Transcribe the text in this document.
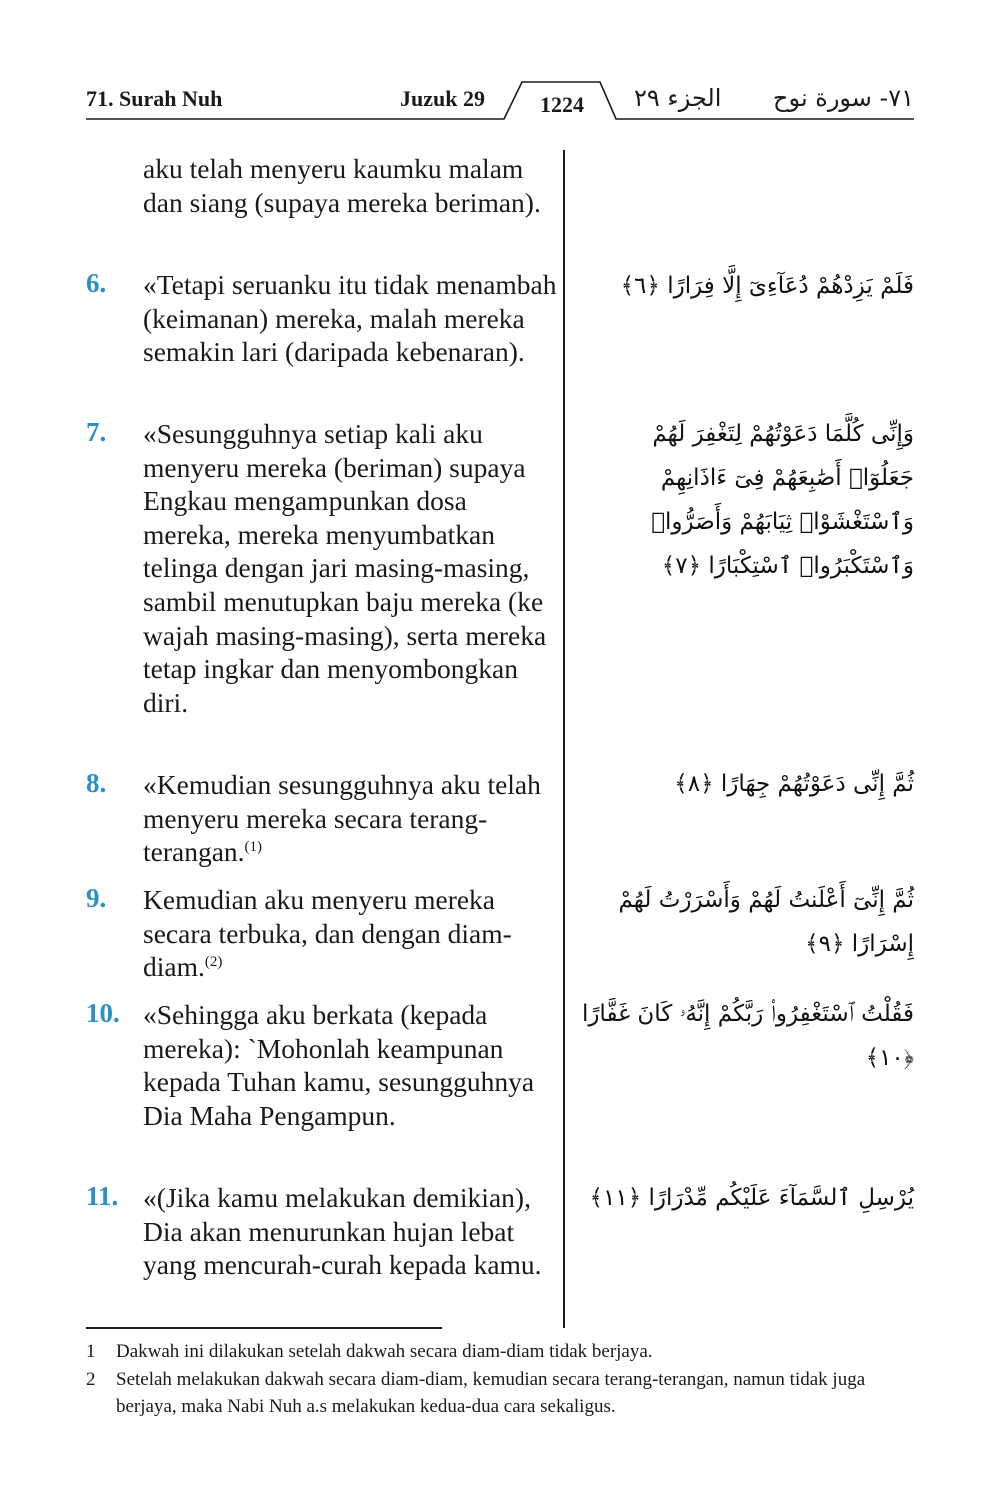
71. Surah Nuh	Juzuk 29	1224 الجزء ٢٩ ٧١- سورة نوح
aku telah menyeru kaumku malam dan siang (supaya mereka beriman).
6. «Tetapi seruanku itu tidak menambah (keimanan) mereka, malah mereka semakin lari (daripada kebenaran).
فَلَمْ يَزِدْهُمْ دُعَآءِىٓ إِلَّا فِرَارًا ﴿٦﴾
7. «Sesungguhnya setiap kali aku menyeru mereka (beriman) supaya Engkau mengampunkan dosa mereka, mereka menyumbatkan telinga dengan jari masing-masing, sambil menutupkan baju mereka (ke wajah masing-masing), serta mereka tetap ingkar dan menyombongkan diri.
وَإِنِّى كُلَّمَا دَعَوْتُهُمْ لِتَغْفِرَ لَهُمْ جَعَلُوٓا۟ أَصَٰبِعَهُمْ فِىٓ ءَاذَانِهِمْ وَٱسْتَغْشَوْا۟ ثِيَابَهُمْ وَأَصَرُّوا۟ وَٱسْتَكْبَرُوا۟ ٱسْتِكْبَارًا ﴿٧﴾
8. «Kemudian sesungguhnya aku telah menyeru mereka secara terang-terangan.$^{(1)}$
ثُمَّ إِنِّى دَعَوْتُهُمْ جِهَارًا ﴿٨﴾
9. Kemudian aku menyeru mereka secara terbuka, dan dengan diam-diam.$^{(2)}$
ثُمَّ إِنِّىٓ أَعْلَنتُ لَهُمْ وَأَسْرَرْتُ لَهُمْ إِسْرَارًا ﴿٩﴾
10. «Sehingga aku berkata (kepada mereka): `Mohonlah keampunan kepada Tuhan kamu, sesungguhnya Dia Maha Pengampun.
فَقُلْتُ ٱسْتَغْفِرُوا۟ رَبَّكُمْ إِنَّهُۥ كَانَ غَفَّارًا ﴿١٠﴾
11. «(Jika kamu melakukan demikian), Dia akan menurunkan hujan lebat yang mencurah-curah kepada kamu.
يُرْسِلِ ٱلسَّمَآءَ عَلَيْكُم مِّدْرَارًا ﴿١١﴾
1 Dakwah ini dilakukan setelah dakwah secara diam-diam tidak berjaya.
2 Setelah melakukan dakwah secara diam-diam, kemudian secara terang-terangan, namun tidak juga berjaya, maka Nabi Nuh a.s melakukan kedua-dua cara sekaligus.
